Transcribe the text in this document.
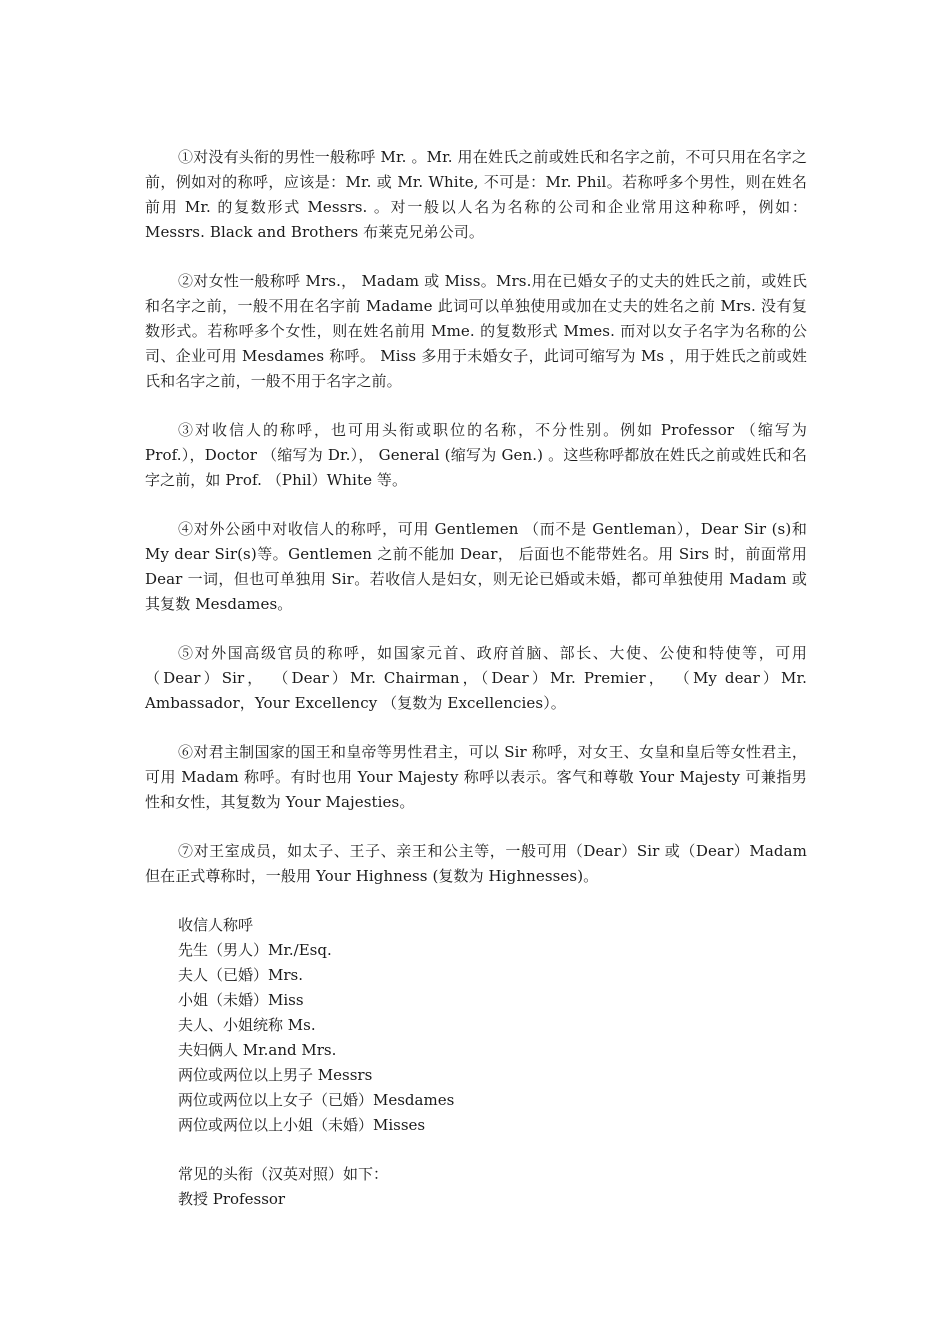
①对没有头衔的男性一般称呼 Mr. 。Mr. 用在姓氏之前或姓氏和名字之前，不可只用在名字之前，例如对的称呼，应该是：Mr. 或 Mr. White, 不可是：Mr. Phil。若称呼多个男性，则在姓名前用 Mr. 的复数形式 Messrs. 。对一般以人名为名称的公司和企业常用这种称呼，例如：Messrs. Black and Brothers 布莱克兄弟公司。

②对女性一般称呼 Mrs.， Madam 或 Miss。Mrs.用在已婚女子的丈夫的姓氏之前，或姓氏和名字之前，一般不用在名字前 Madame 此词可以单独使用或加在丈夫的姓名之前 Mrs. 没有复数形式。若称呼多个女性，则在姓名前用 Mme. 的复数形式 Mmes. 而对以女子名字为名称的公司、企业可用 Mesdames 称呼。 Miss 多用于未婚女子，此词可缩写为 Ms ，用于姓氏之前或姓氏和名字之前，一般不用于名字之前。

③对收信人的称呼，也可用头衔或职位的名称，不分性别。例如 Professor （缩写为 Prof.），Doctor （缩写为 Dr.）， General (缩写为 Gen.) 。这些称呼都放在姓氏之前或姓氏和名字之前，如 Prof. （Phil）White 等。

④对外公函中对收信人的称呼，可用 Gentlemen （而不是 Gentleman），Dear Sir (s)和 My dear Sir(s)等。Gentlemen 之前不能加 Dear， 后面也不能带姓名。用 Sirs 时，前面常用 Dear 一词，但也可单独用 Sir。若收信人是妇女，则无论已婚或未婚，都可单独使用 Madam 或其复数 Mesdames。

⑤对外国高级官员的称呼，如国家元首、政府首脑、部长、大使、公使和特使等，可用（Dear）Sir， （Dear）Mr. Chairman，（Dear）Mr. Premier， （My dear）Mr. Ambassador，Your Excellency （复数为 Excellencies）。

⑥对君主制国家的国王和皇帝等男性君主，可以 Sir 称呼，对女王、女皇和皇后等女性君主，可用 Madam 称呼。有时也用 Your Majesty 称呼以表示。客气和尊敬 Your Majesty 可兼指男性和女性，其复数为 Your Majesties。

⑦对王室成员，如太子、王子、亲王和公主等，一般可用（Dear）Sir 或（Dear）Madam 但在正式尊称时，一般用 Your Highness (复数为 Highnesses)。

收信人称呼
先生（男人）Mr./Esq.
夫人（已婚）Mrs.
小姐（未婚）Miss
夫人、小姐统称 Ms.
夫妇俩人 Mr.and Mrs.
两位或两位以上男子 Messrs
两位或两位以上女子（已婚）Mesdames
两位或两位以上小姐（未婚）Misses
常见的头衔（汉英对照）如下：
教授 Professor
